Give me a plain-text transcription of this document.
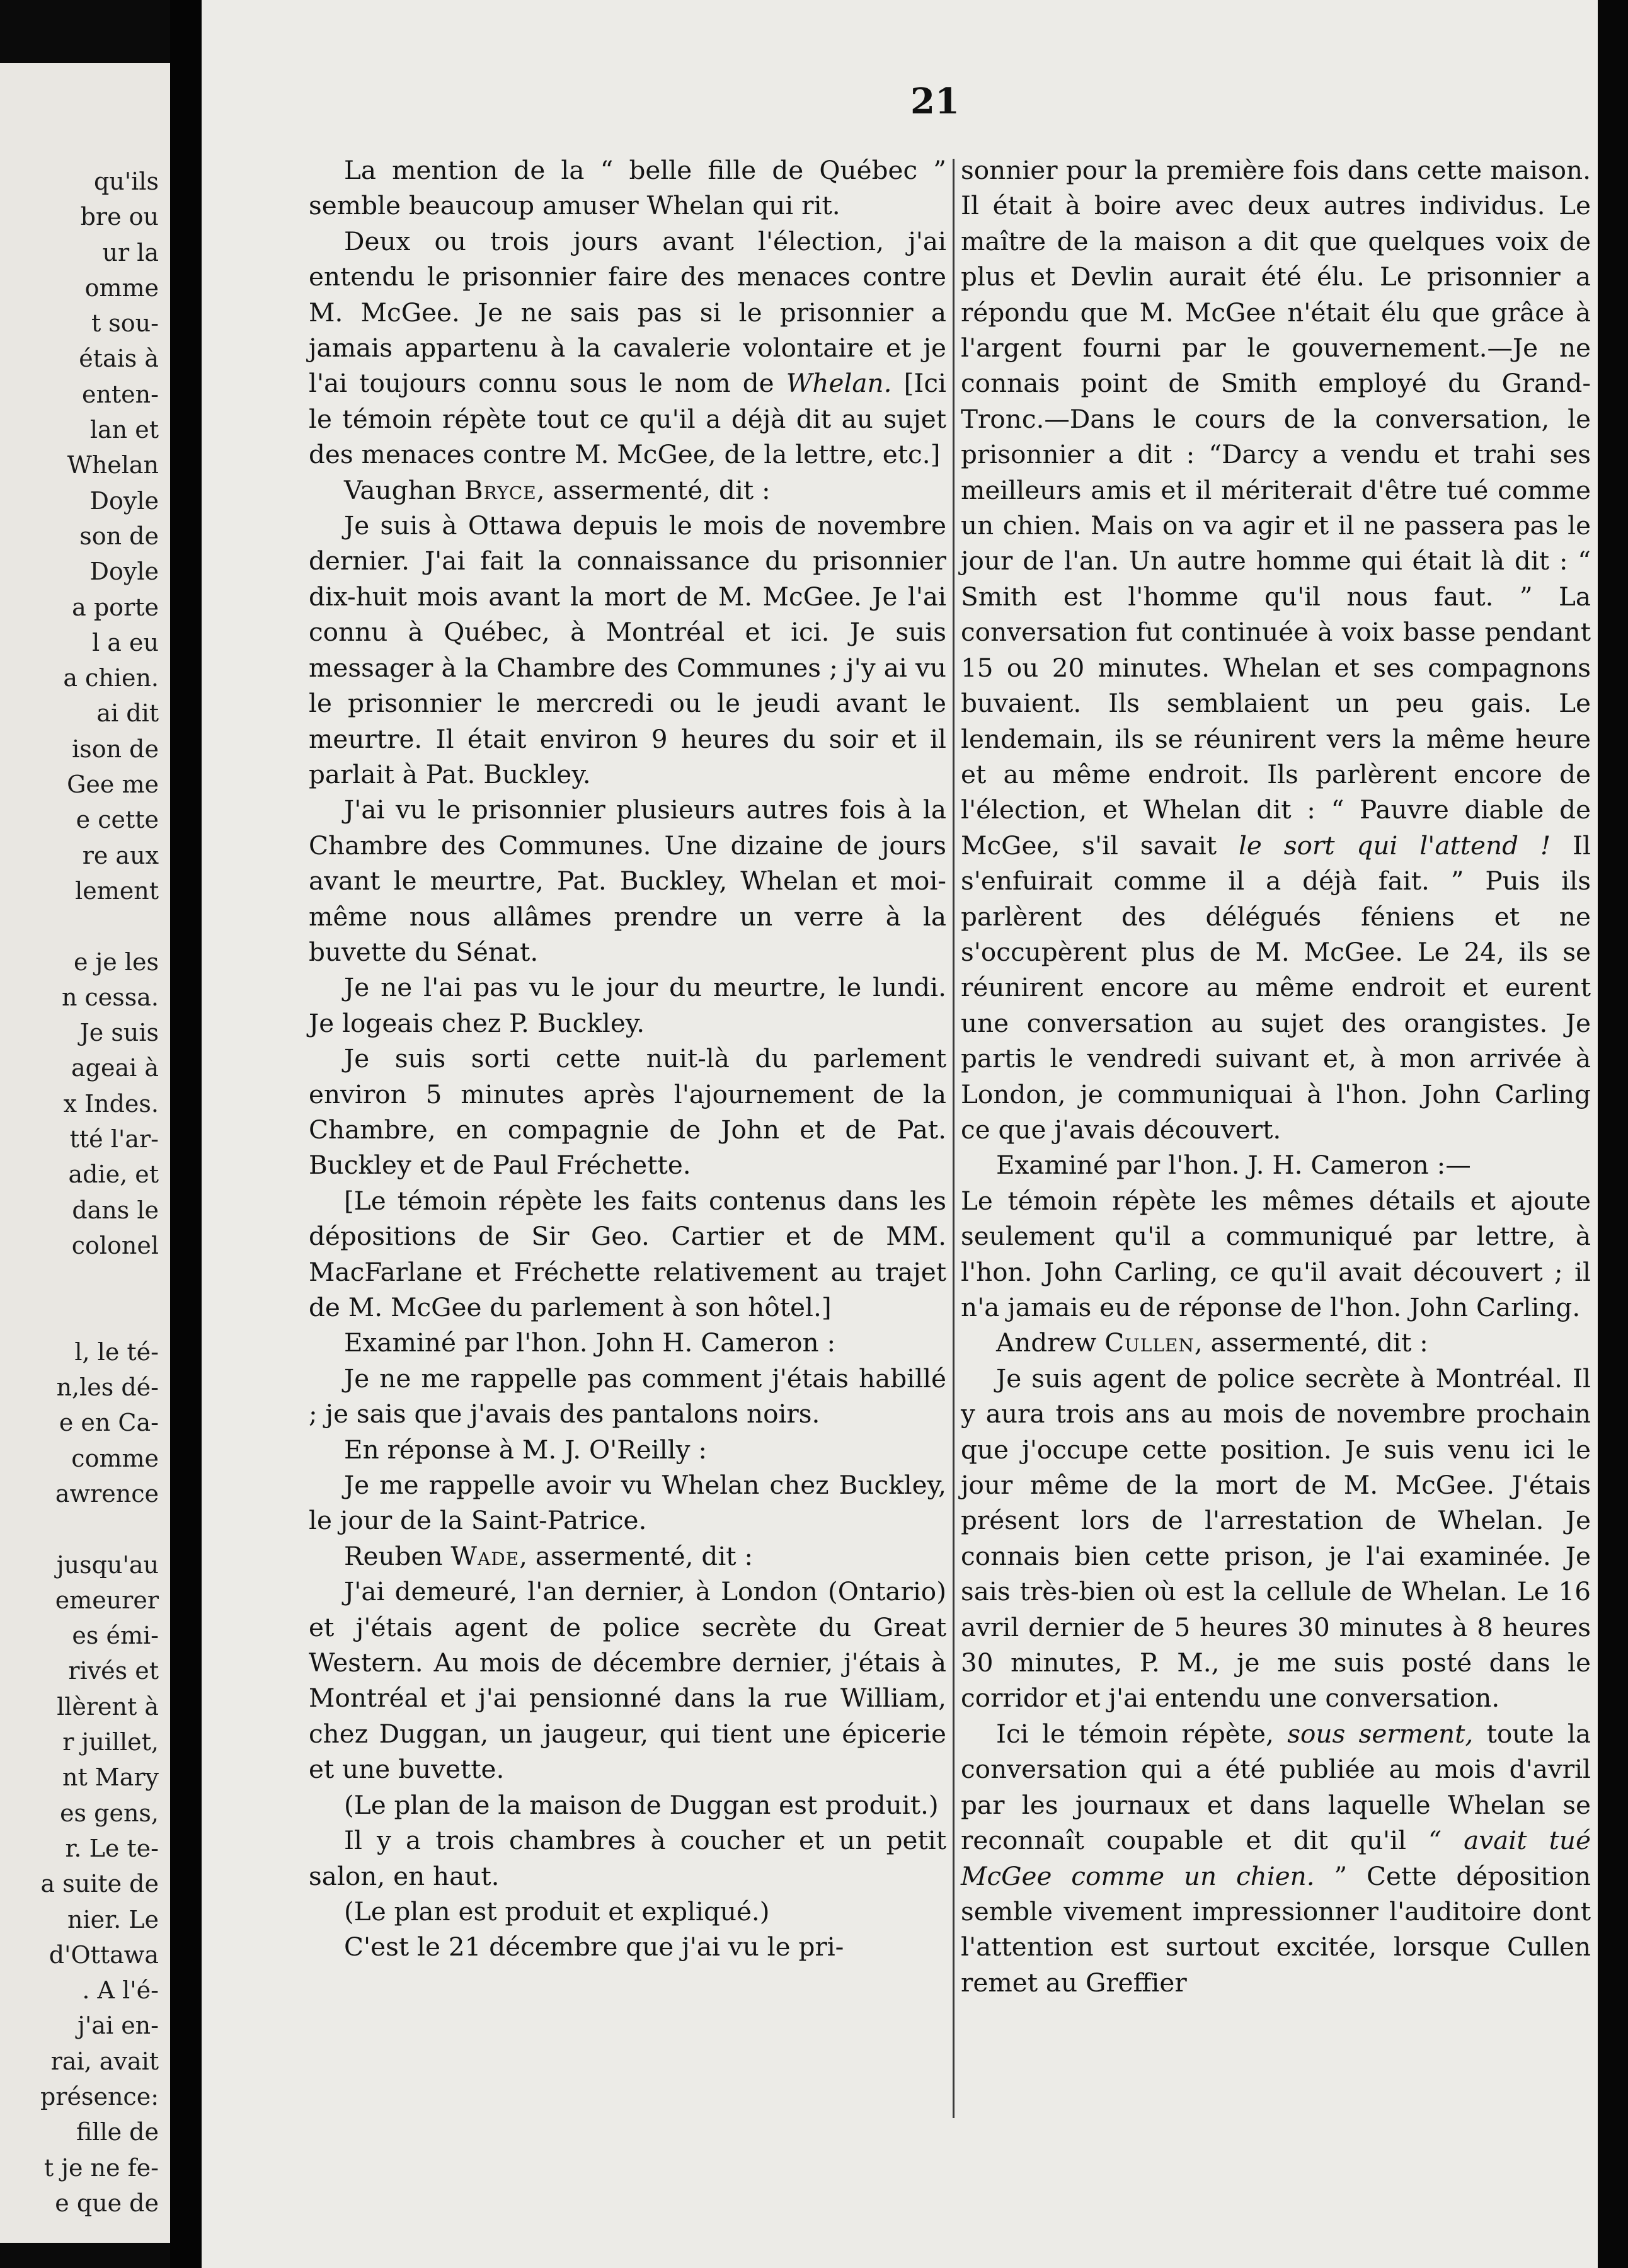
qu'ils
bre ou
ur la
omme
t sou-
étais à
enten-
lan et
Whelan
Doyle
son de
Doyle
a porte
l a eu
a chien.
ai dit
ison de
Gee me
e cette
re aux
lement
e je les
n cessa.
Je suis
ageai à
x Indes.
tté l'ar-
adie, et
dans le
colonel
l, le té-
n,les dé-
e en Ca-
comme
awrence
jusqu'au
emeurer
es émi-
rivés et
llèrent à
r juillet,
nt Mary
es gens,
r. Le te-
a suite de
nier. Le
d'Ottawa
. A l'é-
j'ai en-
rai, avait
présence:
fille de
t je ne fe-
e que de
21

La mention de la “ belle fille de Québec ” semble beaucoup amuser Whelan qui rit.

Deux ou trois jours avant l'élection, j'ai entendu le prisonnier faire des menaces contre M. McGee. Je ne sais pas si le prisonnier a jamais appartenu à la cavalerie volontaire et je l'ai toujours connu sous le nom de Whelan. [Ici le témoin répète tout ce qu'il a déjà dit au sujet des menaces contre M. McGee, de la lettre, etc.]

Vaughan Bryce, assermenté, dit :

Je suis à Ottawa depuis le mois de novembre dernier. J'ai fait la connaissance du prisonnier dix-huit mois avant la mort de M. McGee. Je l'ai connu à Québec, à Montréal et ici. Je suis messager à la Chambre des Communes ; j'y ai vu le prisonnier le mercredi ou le jeudi avant le meurtre. Il était environ 9 heures du soir et il parlait à Pat. Buckley.

J'ai vu le prisonnier plusieurs autres fois à la Chambre des Communes. Une dizaine de jours avant le meurtre, Pat. Buckley, Whelan et moi-même nous allâmes prendre un verre à la buvette du Sénat.

Je ne l'ai pas vu le jour du meurtre, le lundi. Je logeais chez P. Buckley.

Je suis sorti cette nuit-là du parlement environ 5 minutes après l'ajournement de la Chambre, en compagnie de John et de Pat. Buckley et de Paul Fréchette.

[Le témoin répète les faits contenus dans les dépositions de Sir Geo. Cartier et de MM. MacFarlane et Fréchette relativement au trajet de M. McGee du parlement à son hôtel.]

Examiné par l'hon. John H. Cameron :

Je ne me rappelle pas comment j'étais habillé ; je sais que j'avais des pantalons noirs.

En réponse à M. J. O'Reilly :

Je me rappelle avoir vu Whelan chez Buckley, le jour de la Saint-Patrice.

Reuben Wade, assermenté, dit :

J'ai demeuré, l'an dernier, à London (Ontario) et j'étais agent de police secrète du Great Western. Au mois de décembre dernier, j'étais à Montréal et j'ai pensionné dans la rue William, chez Duggan, un jaugeur, qui tient une épicerie et une buvette.

(Le plan de la maison de Duggan est produit.)

Il y a trois chambres à coucher et un petit salon, en haut.

(Le plan est produit et expliqué.)

C'est le 21 décembre que j'ai vu le pri-

sonnier pour la première fois dans cette maison. Il était à boire avec deux autres individus. Le maître de la maison a dit que quelques voix de plus et Devlin aurait été élu. Le prisonnier a répondu que M. McGee n'était élu que grâce à l'argent fourni par le gouvernement.—Je ne connais point de Smith employé du Grand-Tronc.—Dans le cours de la conversation, le prisonnier a dit : “Darcy a vendu et trahi ses meilleurs amis et il mériterait d'être tué comme un chien. Mais on va agir et il ne passera pas le jour de l'an. Un autre homme qui était là dit : “ Smith est l'homme qu'il nous faut. ” La conversation fut continuée à voix basse pendant 15 ou 20 minutes. Whelan et ses compagnons buvaient. Ils semblaient un peu gais. Le lendemain, ils se réunirent vers la même heure et au même endroit. Ils parlèrent encore de l'élection, et Whelan dit : “ Pauvre diable de McGee, s'il savait le sort qui l'attend ! Il s'enfuirait comme il a déjà fait. ” Puis ils parlèrent des délégués féniens et ne s'occupèrent plus de M. McGee. Le 24, ils se réunirent encore au même endroit et eurent une conversation au sujet des orangistes. Je partis le vendredi suivant et, à mon arrivée à London, je communiquai à l'hon. John Carling ce que j'avais découvert.

Examiné par l'hon. J. H. Cameron :—

Le témoin répète les mêmes détails et ajoute seulement qu'il a communiqué par lettre, à l'hon. John Carling, ce qu'il avait découvert ; il n'a jamais eu de réponse de l'hon. John Carling.

Andrew Cullen, assermenté, dit :

Je suis agent de police secrète à Montréal. Il y aura trois ans au mois de novembre prochain que j'occupe cette position. Je suis venu ici le jour même de la mort de M. McGee. J'étais présent lors de l'arrestation de Whelan. Je connais bien cette prison, je l'ai examinée. Je sais très-bien où est la cellule de Whelan. Le 16 avril dernier de 5 heures 30 minutes à 8 heures 30 minutes, P. M., je me suis posté dans le corridor et j'ai entendu une conversation.

Ici le témoin répète, sous serment, toute la conversation qui a été publiée au mois d'avril par les journaux et dans laquelle Whelan se reconnaît coupable et dit qu'il “ avait tué McGee comme un chien. ” Cette déposition semble vivement impressionner l'auditoire dont l'attention est surtout excitée, lorsque Cullen remet au Greffier
